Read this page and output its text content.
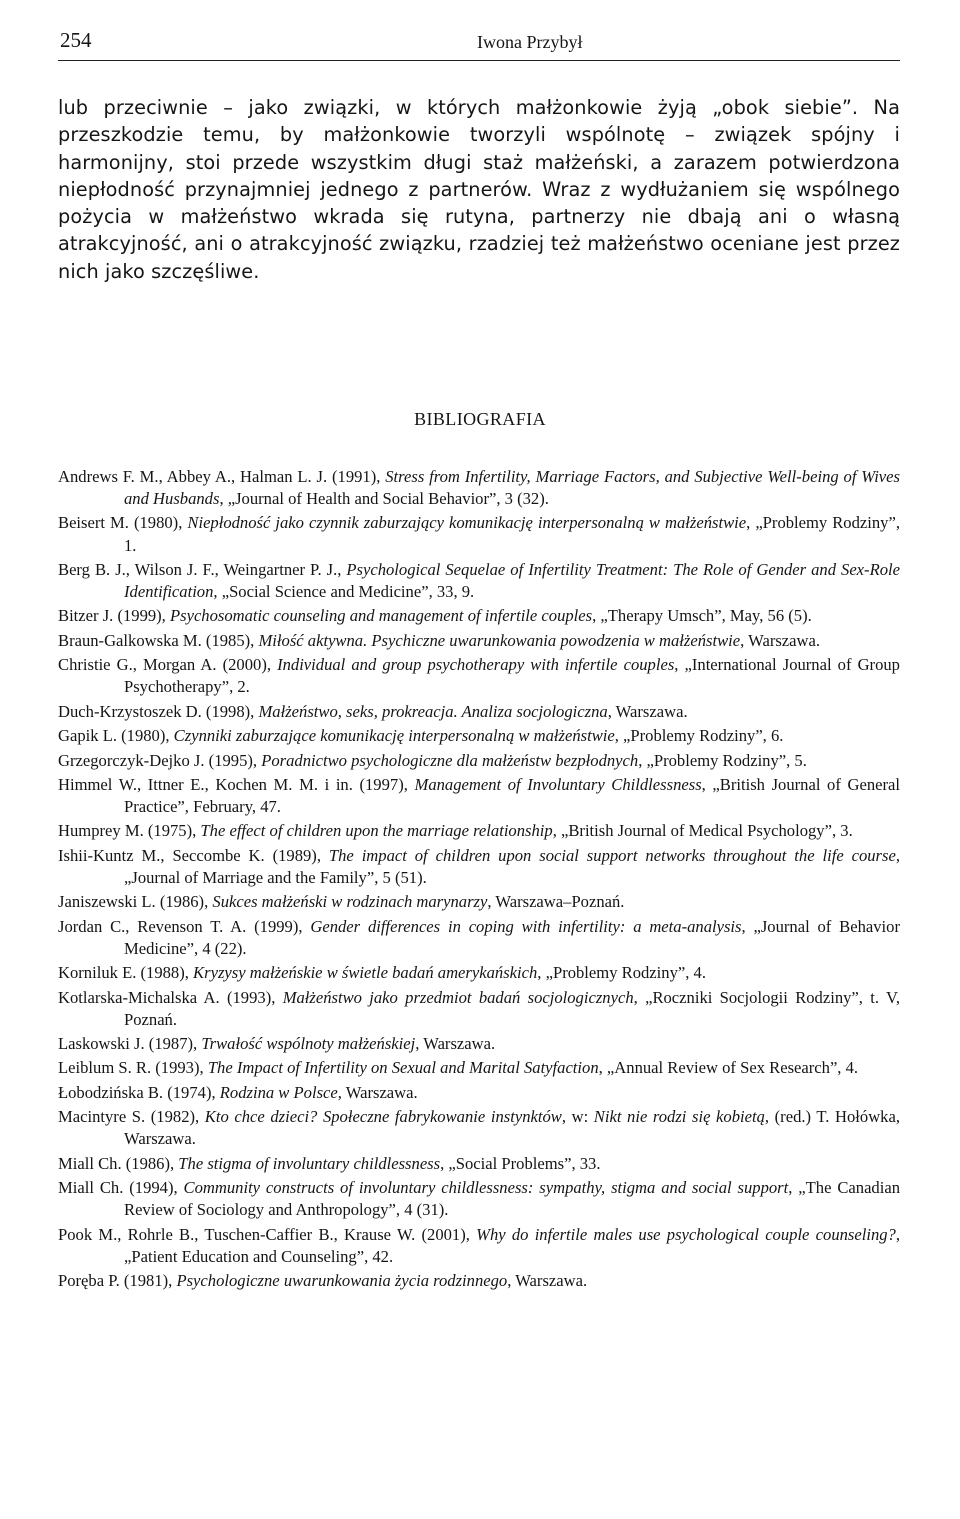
254	Iwona Przybył

lub przeciwnie – jako związki, w których małżonkowie żyją „obok siebie”. Na przeszkodzie temu, by małżonkowie tworzyli wspólnotę – związek spójny i harmonijny, stoi przede wszystkim długi staż małżeński, a zarazem potwierdzona niepłodność przynajmniej jednego z partnerów. Wraz z wydłużaniem się wspólnego pożycia w małżeństwo wkrada się rutyna, partnerzy nie dbają ani o własną atrakcyjność, ani o atrakcyjność związku, rzadziej też małżeństwo oceniane jest przez nich jako szczęśliwe.

BIBLIOGRAFIA
Andrews F. M., Abbey A., Halman L. J. (1991), Stress from Infertility, Marriage Factors, and Subjective Well-being of Wives and Husbands, „Journal of Health and Social Behavior”, 3 (32).
Beisert M. (1980), Niepłodność jako czynnik zaburzający komunikację interpersonalną w małżeństwie, „Problemy Rodziny”, 1.
Berg B. J., Wilson J. F., Weingartner P. J., Psychological Sequelae of Infertility Treatment: The Role of Gender and Sex-Role Identification, „Social Science and Medicine”, 33, 9.
Bitzer J. (1999), Psychosomatic counseling and management of infertile couples, „Therapy Umsch”, May, 56 (5).
Braun-Galkowska M. (1985), Miłość aktywna. Psychiczne uwarunkowania powodzenia w małżeństwie, Warszawa.
Christie G., Morgan A. (2000), Individual and group psychotherapy with infertile couples, „International Journal of Group Psychotherapy”, 2.
Duch-Krzystoszek D. (1998), Małżeństwo, seks, prokreacja. Analiza socjologiczna, Warszawa.
Gapik L. (1980), Czynniki zaburzające komunikację interpersonalną w małżeństwie, „Problemy Rodziny”, 6.
Grzegorczyk-Dejko J. (1995), Poradnictwo psychologiczne dla małżeństw bezpłodnych, „Problemy Rodziny”, 5.
Himmel W., Ittner E., Kochen M. M. i in. (1997), Management of Involuntary Childlessness, „British Journal of General Practice”, February, 47.
Humprey M. (1975), The effect of children upon the marriage relationship, „British Journal of Medical Psychology”, 3.
Ishii-Kuntz M., Seccombe K. (1989), The impact of children upon social support networks throughout the life course, „Journal of Marriage and the Family”, 5 (51).
Janiszewski L. (1986), Sukces małżeński w rodzinach marynarzy, Warszawa–Poznań.
Jordan C., Revenson T. A. (1999), Gender differences in coping with infertility: a meta-analysis, „Journal of Behavior Medicine”, 4 (22).
Korniluk E. (1988), Kryzysy małżeńskie w świetle badań amerykańskich, „Problemy Rodziny”, 4.
Kotlarska-Michalska A. (1993), Małżeństwo jako przedmiot badań socjologicznych, „Roczniki Socjologii Rodziny”, t. V, Poznań.
Laskowski J. (1987), Trwałość wspólnoty małżeńskiej, Warszawa.
Leiblum S. R. (1993), The Impact of Infertility on Sexual and Marital Satyfaction, „Annual Review of Sex Research”, 4.
Łobodzińska B. (1974), Rodzina w Polsce, Warszawa.
Macintyre S. (1982), Kto chce dzieci? Społeczne fabrykowanie instynktów, w: Nikt nie rodzi się kobietą, (red.) T. Hołówka, Warszawa.
Miall Ch. (1986), The stigma of involuntary childlessness, „Social Problems”, 33.
Miall Ch. (1994), Community constructs of involuntary childlessness: sympathy, stigma and social support, „The Canadian Review of Sociology and Anthropology”, 4 (31).
Pook M., Rohrle B., Tuschen-Caffier B., Krause W. (2001), Why do infertile males use psychological couple counseling?, „Patient Education and Counseling”, 42.
Poręba P. (1981), Psychologiczne uwarunkowania życia rodzinnego, Warszawa.
